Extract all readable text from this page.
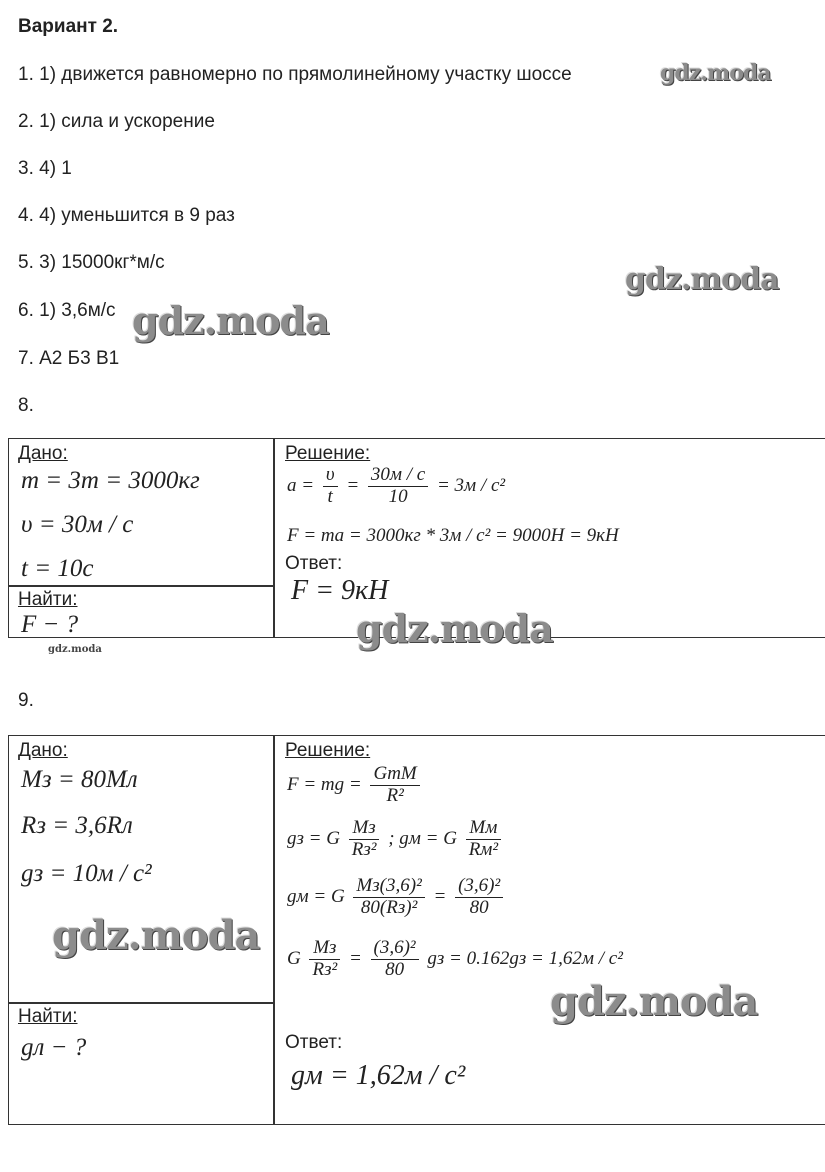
Вариант 2.
1. 1) движется равномерно по прямолинейному участку шоссе
2. 1) сила и ускорение
3. 4) 1
4. 4) уменьшится в 9 раз
5. 3) 15000кг*м/с
6. 1) 3,6м/с
7. А2 Б3 В1
8.
Дано:
m = 3т = 3000кг
υ = 30м / с
t = 10с
Найти:
F − ?
Решение:
$a = \frac{\upsilon}{t} = \frac{30м / с}{10} = 3м / с^2$
F = ma = 3000кг * 3м / с² = 9000Н = 9кН
Ответ:
F = 9кН
9.
Дано:
Mз = 80Mл
Rз = 3,6Rл
gз = 10м / с²
Найти:
gл − ?
Решение:
F = mg = $\frac{\text{GmM}}{\text{R²}}$
gз = G $\frac{Mз}{\text{Rз²}}$ ; gм = G $\frac{Mм}{\text{Rм²}}$
gм = G $\frac{\text{Mз(3,6)²}}{\text{80(Rз)²}} = \frac{\text{(3,6)²}}{80}$
G $\frac{Mз}{\text{Rз²}} = \frac{\text{(3,6)²}}{80}$ gз = 0.162gз = 1,62м / с²
Ответ:
gм = 1,62м / с²
gdz.moda
gdz.moda
gdz.moda
gdz.moda
gdz.moda
gdz.moda
gdz.moda
